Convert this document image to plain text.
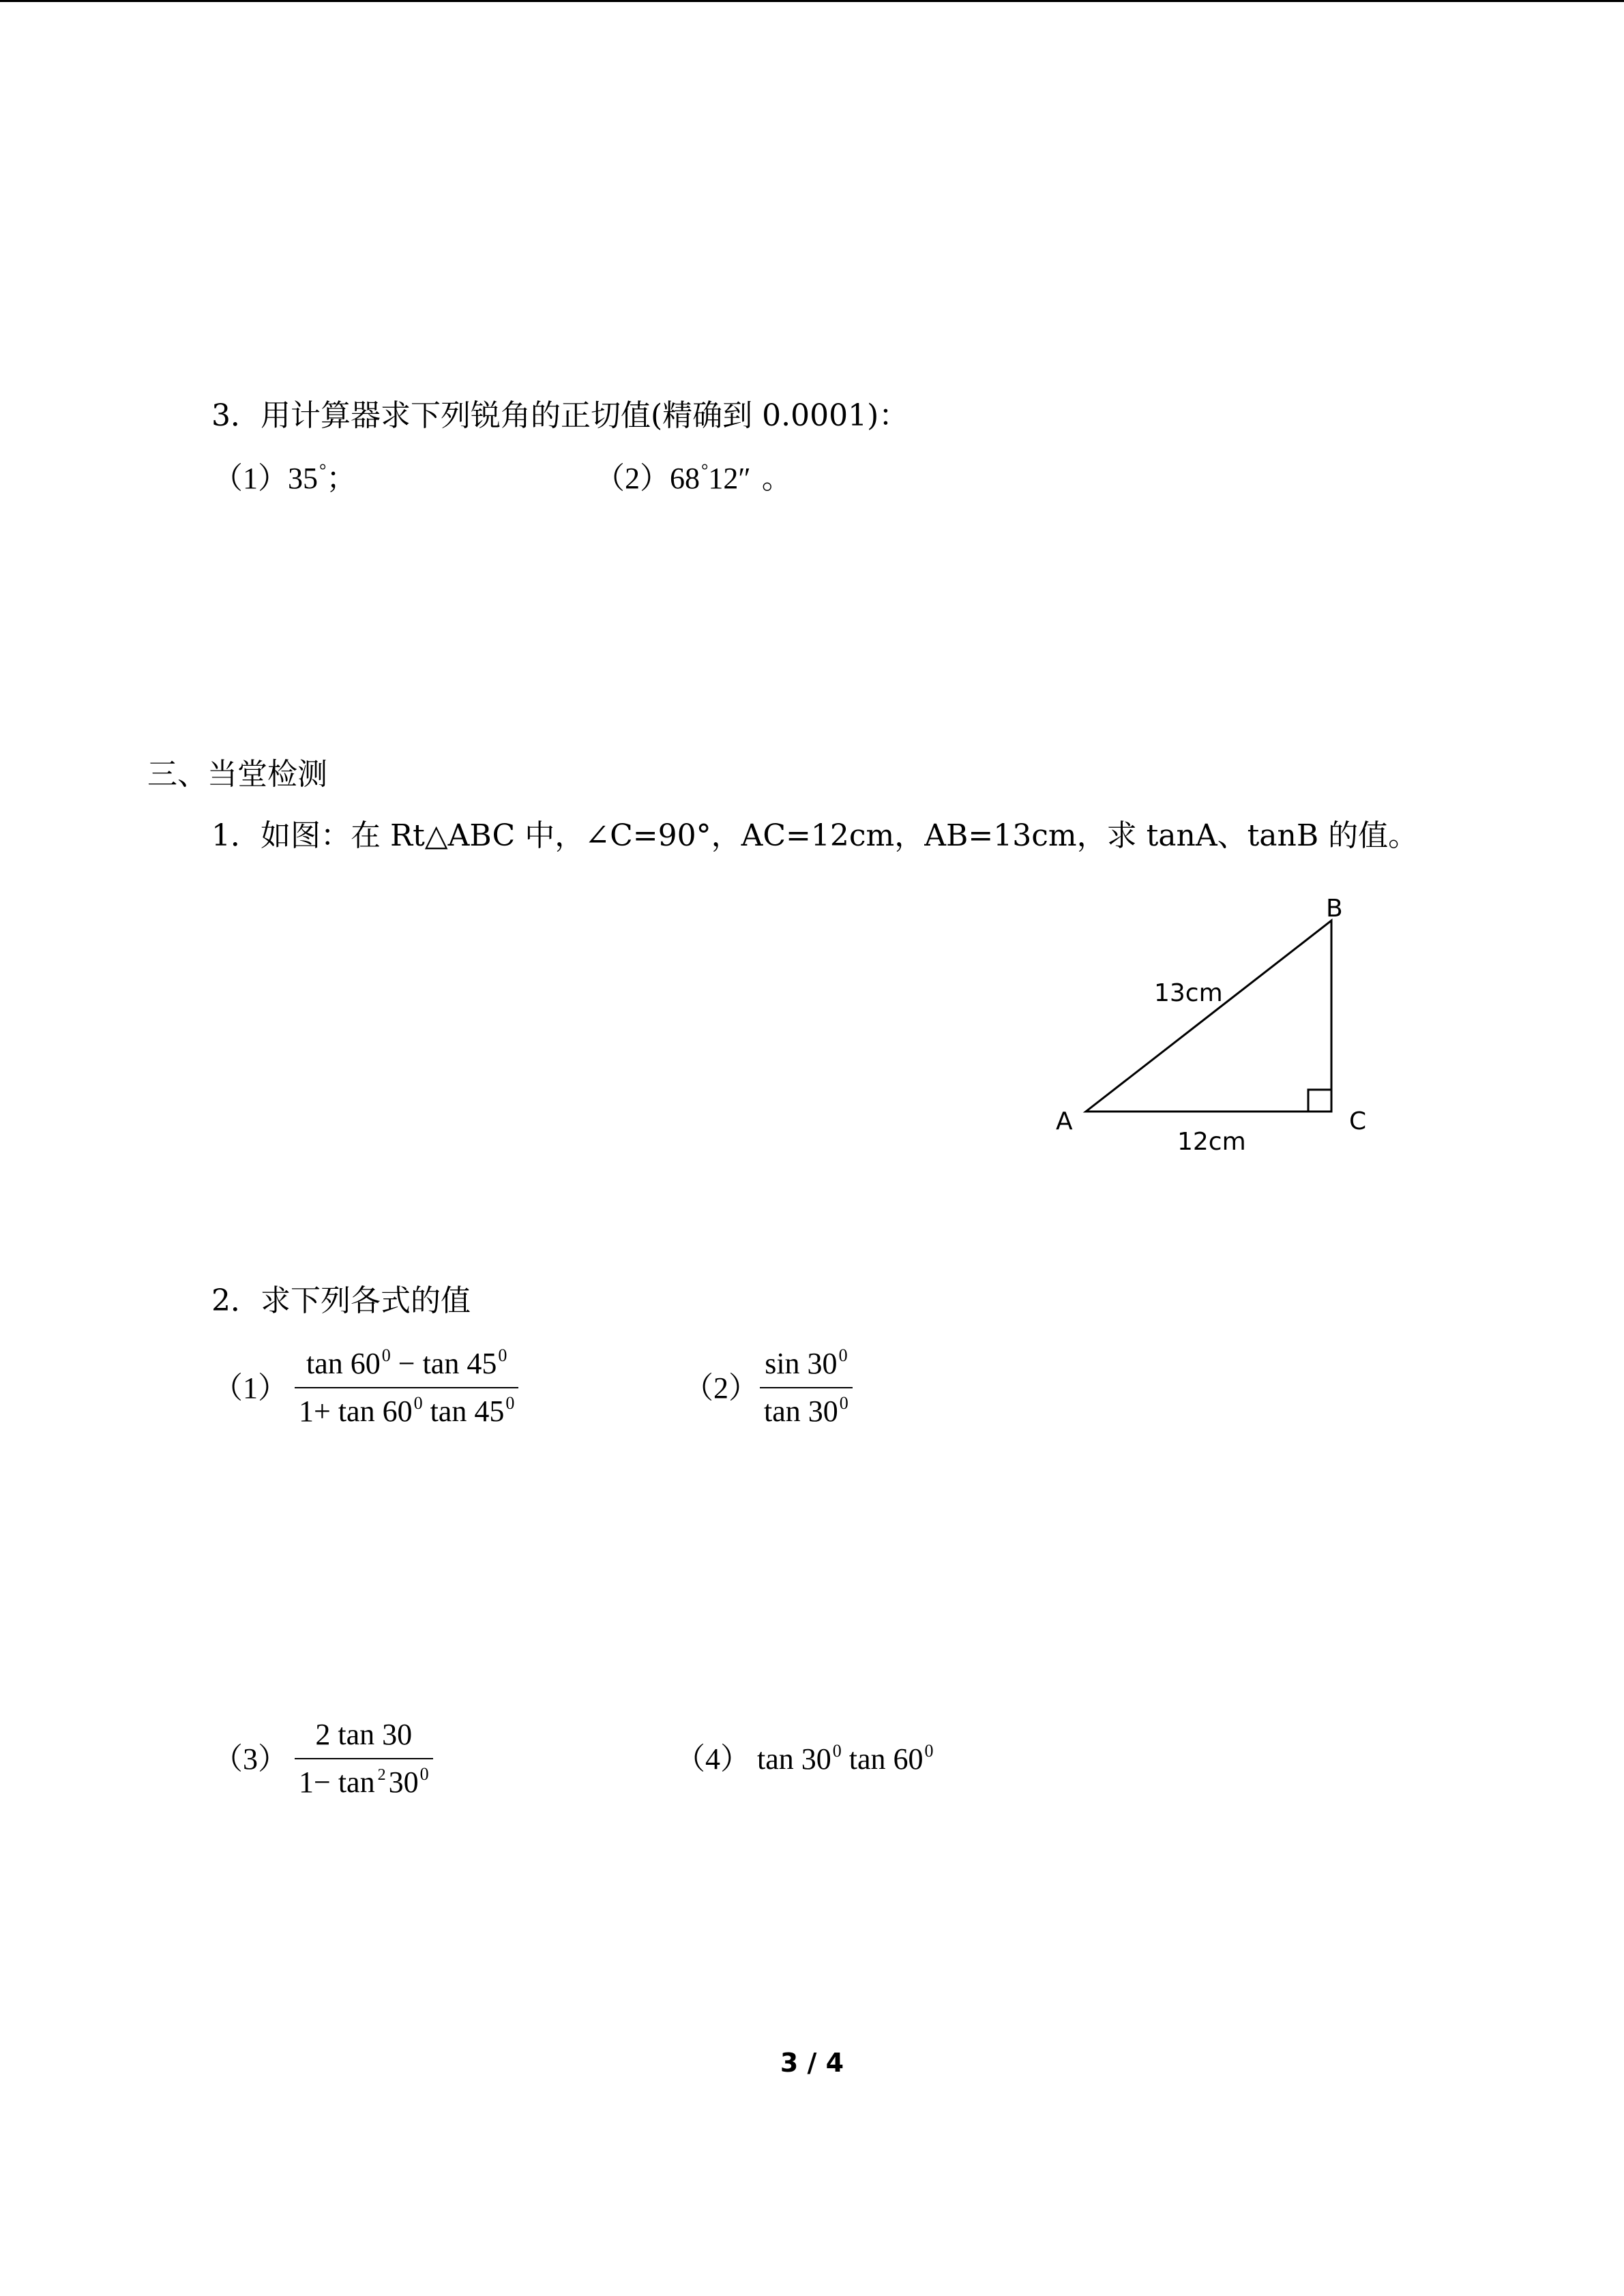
3．用计算器求下列锐角的正切值(精确到 0.0001)：
（1）35°；	（2）68°12″ 。
三、当堂检测
1．如图：在 Rt△ABC 中，∠C=90°，AC=12cm，AB=13cm，求 tanA、tanB 的值。
A
B
C
13cm
12cm
2．求下列各式的值
（1）
$\tan 60^0 - \tan 45^0$
$1+ \tan 60^0$ $\tan 45^0$	（2）
$\sin 30^0$
$\tan 30^0$
（3）
2 tan 30
$1- \tan ^230^0$	（4） $\tan 30^0$ $\tan 60^0$
3 / 4
